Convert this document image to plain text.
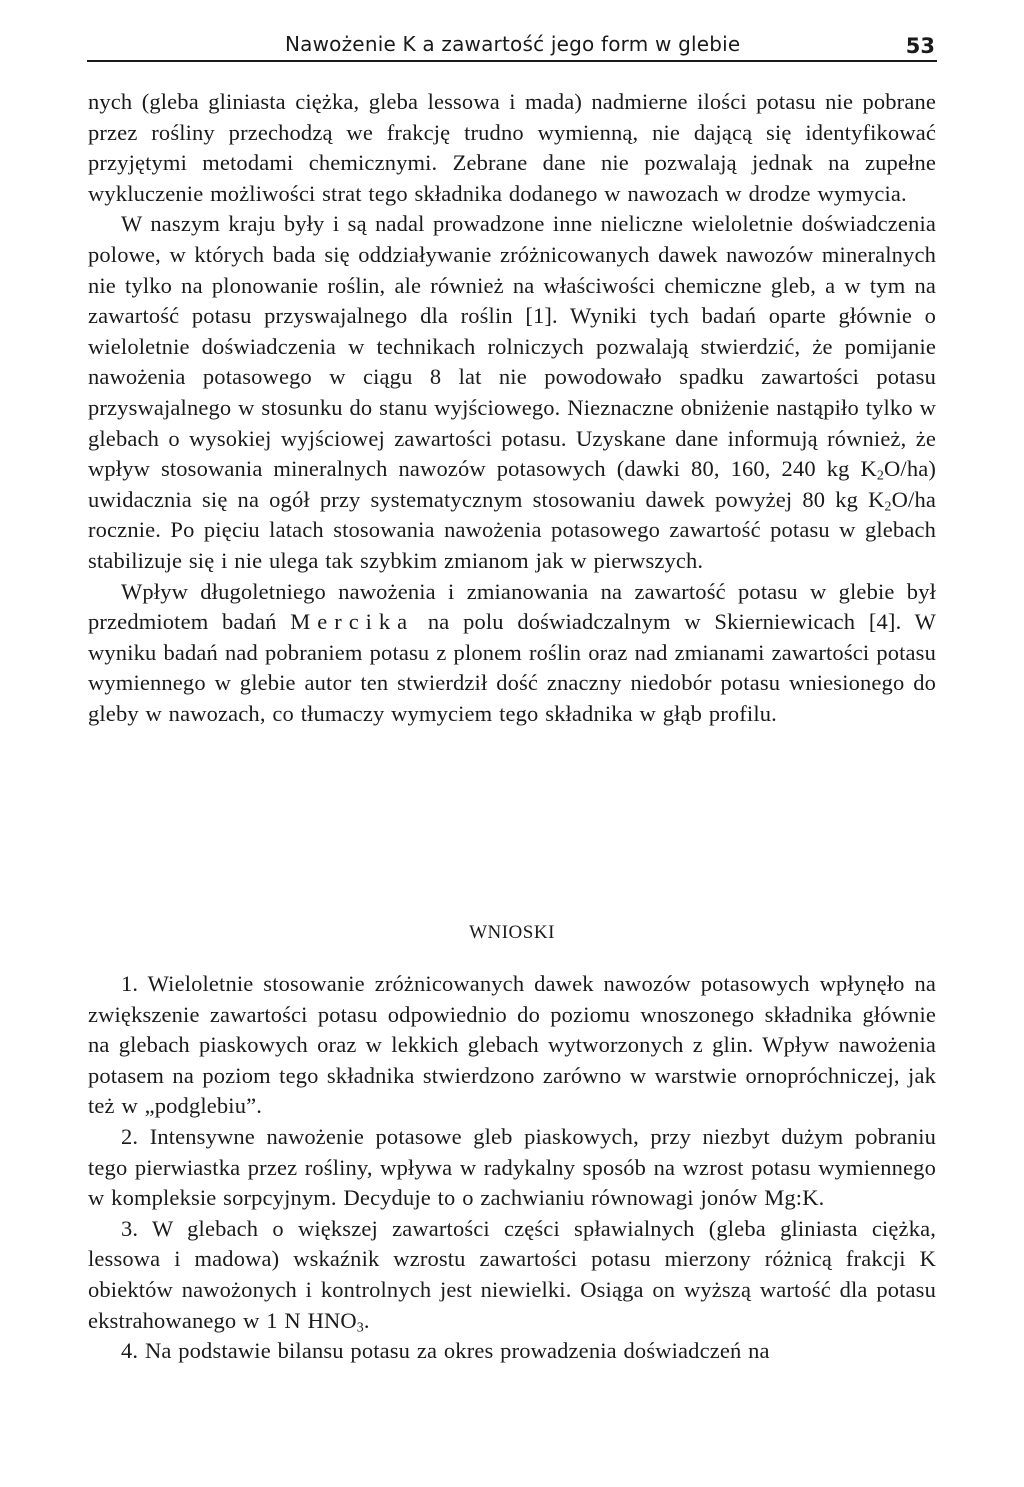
Nawożenie K a zawartość jego form w glebie	53

nych (gleba gliniasta ciężka, gleba lessowa i mada) nadmierne ilości potasu nie pobrane przez rośliny przechodzą we frakcję trudno wymienną, nie dającą się identyfikować przyjętymi metodami chemicznymi. Zebrane dane nie pozwalają jednak na zupełne wykluczenie możliwości strat tego składnika dodanego w nawozach w drodze wymycia.

W naszym kraju były i są nadal prowadzone inne nieliczne wieloletnie doświadczenia polowe, w których bada się oddziaływanie zróżnicowanych dawek nawozów mineralnych nie tylko na plonowanie roślin, ale również na właściwości chemiczne gleb, a w tym na zawartość potasu przyswajalnego dla roślin [1]. Wyniki tych badań oparte głównie o wieloletnie doświadczenia w technikach rolniczych pozwalają stwierdzić, że pomijanie nawożenia potasowego w ciągu 8 lat nie powodowało spadku zawartości potasu przyswajalnego w stosunku do stanu wyjściowego. Nieznaczne obniżenie nastąpiło tylko w glebach o wysokiej wyjściowej zawartości potasu. Uzyskane dane informują również, że wpływ stosowania mineralnych nawozów potasowych (dawki 80, 160, 240 kg $K_2O/ha$) uwidacznia się na ogół przy systematycznym stosowaniu dawek powyżej 80 kg $K_2O/ha$ rocznie. Po pięciu latach stosowania nawożenia potasowego zawartość potasu w glebach stabilizuje się i nie ulega tak szybkim zmianom jak w pierwszych.

Wpływ długoletniego nawożenia i zmianowania na zawartość potasu w glebie był przedmiotem badań Mercika na polu doświadczalnym w Skierniewicach [4]. W wyniku badań nad pobraniem potasu z plonem roślin oraz nad zmianami zawartości potasu wymiennego w glebie autor ten stwierdził dość znaczny niedobór potasu wniesionego do gleby w nawozach, co tłumaczy wymyciem tego składnika w głąb profilu.

WNIOSKI

1. Wieloletnie stosowanie zróżnicowanych dawek nawozów potasowych wpłynęło na zwiększenie zawartości potasu odpowiednio do poziomu wnoszonego składnika głównie na glebach piaskowych oraz w lekkich glebach wytworzonych z glin. Wpływ nawożenia potasem na poziom tego składnika stwierdzono zarówno w warstwie ornopróchniczej, jak też w „podglebiu”.

2. Intensywne nawożenie potasowe gleb piaskowych, przy niezbyt dużym pobraniu tego pierwiastka przez rośliny, wpływa w radykalny sposób na wzrost potasu wymiennego w kompleksie sorpcyjnym. Decyduje to o zachwianiu równowagi jonów Mg:K.

3. W glebach o większej zawartości części spławialnych (gleba gliniasta ciężka, lessowa i madowa) wskaźnik wzrostu zawartości potasu mierzony różnicą frakcji K obiektów nawożonych i kontrolnych jest niewielki. Osiąga on wyższą wartość dla potasu ekstrahowanego w 1 N $HNO_3$.

4. Na podstawie bilansu potasu za okres prowadzenia doświadczeń na
